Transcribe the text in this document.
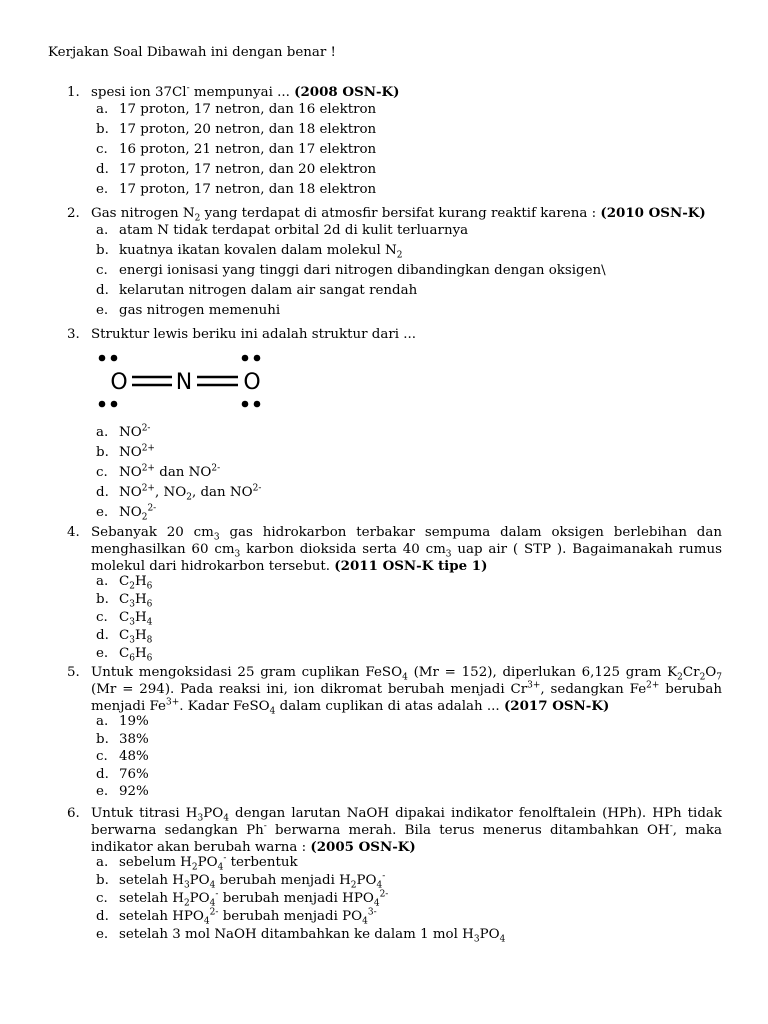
Kerjakan Soal Dibawah ini dengan benar !
1. spesi ion 37Cl- mempunyai ... (2008 OSN-K)
a. 17 proton, 17 netron, dan 16 elektron
b. 17 proton, 20 netron, dan 18 elektron
c. 16 proton, 21 netron, dan 17 elektron
d. 17 proton, 17 netron, dan 20 elektron
e. 17 proton, 17 netron, dan 18 elektron
2. Gas nitrogen $N_2$ yang terdapat di atmosfir bersifat kurang reaktif karena : (2010 OSN-K)
a. atam N tidak terdapat orbital 2d di kulit terluarnya
b. kuatnya ikatan kovalen dalam molekul $N_2$
c. energi ionisasi yang tinggi dari nitrogen dibandingkan dengan oksigen\
d. kelarutan nitrogen dalam air sangat rendah
e. gas nitrogen memenuhi
3. Struktur lewis beriku ini adalah struktur dari ...
O N O
a. $NO^{2-}$
b. $NO^{2+}$
c. $NO^{2+}$ dan $NO^{2-}$
d. $NO^{2+}$, $NO_2$, dan $NO^{2-}$
e. $NO_2^{2-}$
4. Sebanyak 20 $cm_3$ gas hidrokarbon terbakar sempuma dalam oksigen berlebihan dan menghasilkan 60 $cm_3$ karbon dioksida serta 40 $cm_3$ uap air ( STP ). Bagaimanakah rumus molekul dari hidrokarbon tersebut. (2011 OSN-K tipe 1)
a. $C_2H_6$
b. $C_3H_6$
c. $C_3H_4$
d. $C_3H_8$
e. $C_6H_6$
5. Untuk mengoksidasi 25 gram cuplikan FeSO$_4$ (Mr = 152), diperlukan 6,125 gram $K_2Cr_2O_7$ (Mr = 294). Pada reaksi ini, ion dikromat berubah menjadi $Cr^{3+}$, sedangkan $Fe^{2+}$ berubah menjadi $Fe^{3+}$. Kadar FeSO$_4$ dalam cuplikan di atas adalah ... (2017 OSN-K)
a. 19%
b. 38%
c. 48%
d. 76%
e. 92%
6. Untuk titrasi $H_3PO_4$ dengan larutan NaOH dipakai indikator fenolftalein (HPh). HPh tidak berwarna sedangkan Ph- berwarna merah. Bila terus menerus ditambahkan OH-, maka indikator akan berubah warna : (2005 OSN-K)
a. sebelum $H_2PO_4^-$ terbentuk
b. setelah $H_3PO_4$ berubah menjadi $H_2PO_4^-$
c. setelah $H_2PO_4^-$ berubah menjadi $HPO_4^{2-}$
d. setelah $HPO_4^{2-}$ berubah menjadi $PO_4^{3-}$
e. setelah 3 mol NaOH ditambahkan ke dalam 1 mol $H_3PO_4$
